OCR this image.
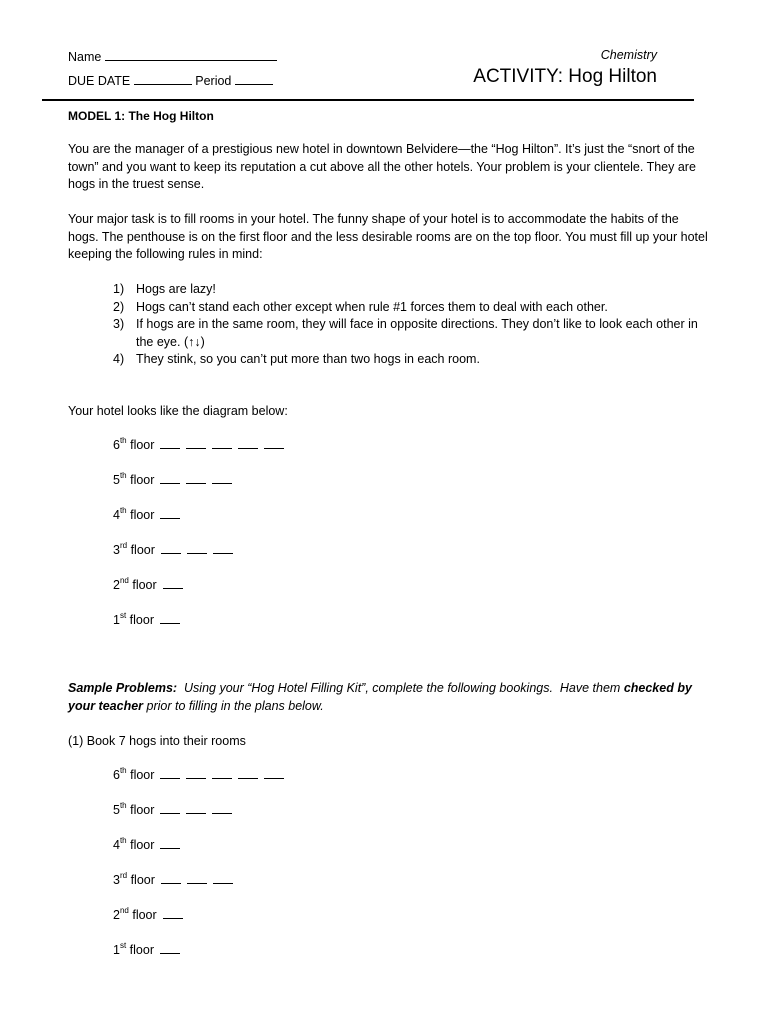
Name
DUE DATE	Period
Chemistry
ACTIVITY: Hog Hilton
MODEL 1: The Hog Hilton
You are the manager of a prestigious new hotel in downtown Belvidere—the “Hog Hilton”. It’s just the “snort of the town” and you want to keep its reputation a cut above all the other hotels. Your problem is your clientele. They are hogs in the truest sense.
Your major task is to fill rooms in your hotel. The funny shape of your hotel is to accommodate the habits of the hogs. The penthouse is on the first floor and the less desirable rooms are on the top floor. You must fill up your hotel keeping the following rules in mind:
1) Hogs are lazy!
2) Hogs can’t stand each other except when rule #1 forces them to deal with each other.
3) If hogs are in the same room, they will face in opposite directions. They don’t like to look each other in the eye. (↑↓)
4) They stink, so you can’t put more than two hogs in each room.
Your hotel looks like the diagram below:
6th floor
5th floor
4th floor
3rd floor
2nd floor
1st floor
Sample Problems:  Using your “Hog Hotel Filling Kit”, complete the following bookings.  Have them checked by your teacher prior to filling in the plans below.
(1) Book 7 hogs into their rooms
6th floor
5th floor
4th floor
3rd floor
2nd floor
1st floor
